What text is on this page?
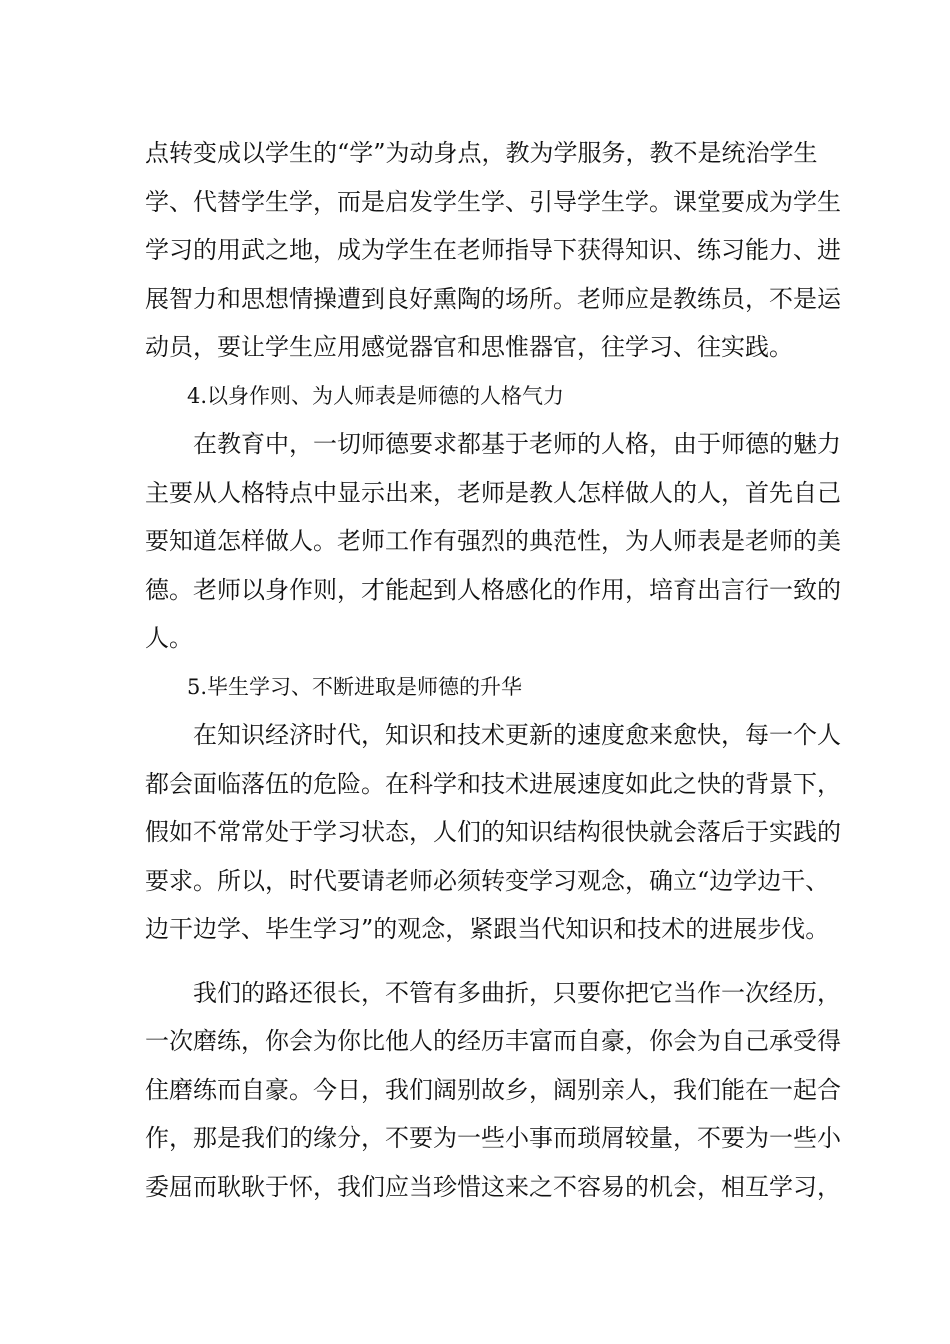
点转变成以学生的“学”为动身点，教为学服务，教不是统治学生
学、代替学生学，而是启发学生学、引导学生学。课堂要成为学生
学习的用武之地，成为学生在老师指导下获得知识、练习能力、进
展智力和思想情操遭到良好熏陶的场所。老师应是教练员，不是运
动员，要让学生应用感觉器官和思惟器官，往学习、往实践。
4.以身作则、为人师表是师德的人格气力
在教育中，一切师德要求都基于老师的人格，由于师德的魅力
主要从人格特点中显示出来，老师是教人怎样做人的人，首先自己
要知道怎样做人。老师工作有强烈的典范性，为人师表是老师的美
德。老师以身作则，才能起到人格感化的作用，培育出言行一致的
人。
5.毕生学习、不断进取是师德的升华
在知识经济时代，知识和技术更新的速度愈来愈快，每一个人
都会面临落伍的危险。在科学和技术进展速度如此之快的背景下，
假如不常常处于学习状态，人们的知识结构很快就会落后于实践的
要求。所以，时代要请老师必须转变学习观念，确立“边学边干、
边干边学、毕生学习”的观念，紧跟当代知识和技术的进展步伐。
我们的路还很长，不管有多曲折，只要你把它当作一次经历，
一次磨练，你会为你比他人的经历丰富而自豪，你会为自己承受得
住磨练而自豪。今日，我们阔别故乡，阔别亲人，我们能在一起合
作，那是我们的缘分，不要为一些小事而琐屑较量，不要为一些小
委屈而耿耿于怀，我们应当珍惜这来之不容易的机会，相互学习，
